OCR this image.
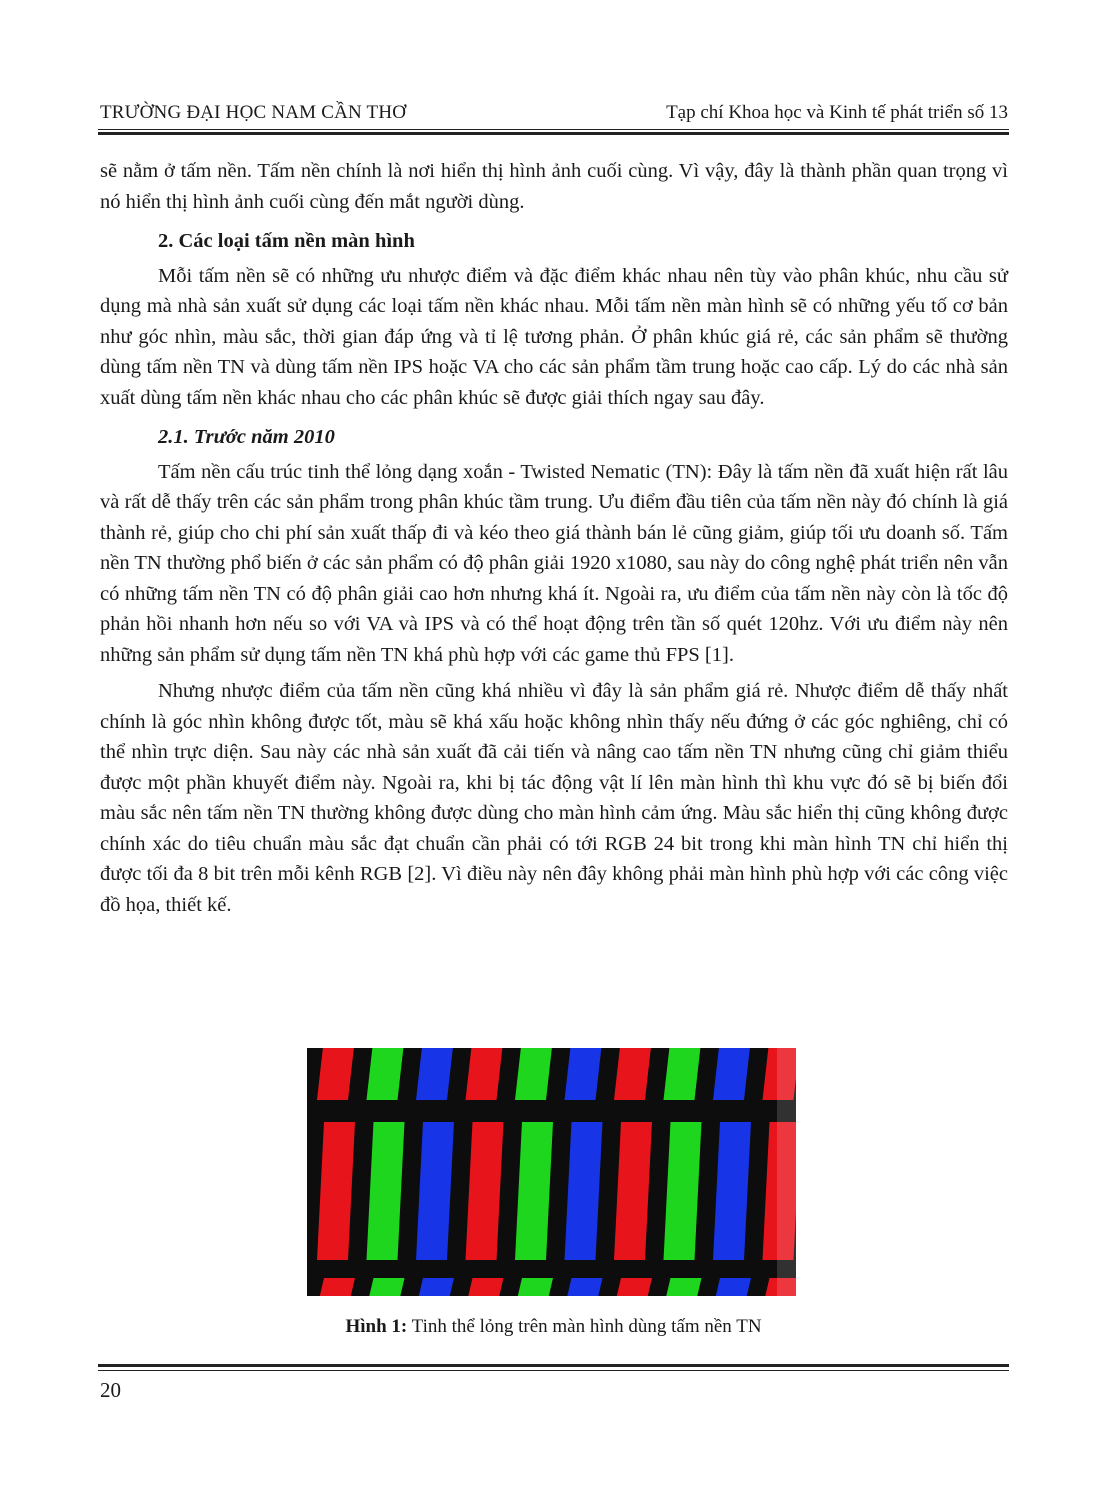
TRƯỜNG ĐẠI HỌC NAM CẦN THƠ	Tạp chí Khoa học và Kinh tế phát triển số 13

sẽ nằm ở tấm nền. Tấm nền chính là nơi hiển thị hình ảnh cuối cùng. Vì vậy, đây là thành phần quan trọng vì nó hiển thị hình ảnh cuối cùng đến mắt người dùng.

2. Các loại tấm nền màn hình

Mỗi tấm nền sẽ có những ưu nhược điểm và đặc điểm khác nhau nên tùy vào phân khúc, nhu cầu sử dụng mà nhà sản xuất sử dụng các loại tấm nền khác nhau. Mỗi tấm nền màn hình sẽ có những yếu tố cơ bản như góc nhìn, màu sắc, thời gian đáp ứng và tỉ lệ tương phản. Ở phân khúc giá rẻ, các sản phẩm sẽ thường dùng tấm nền TN và dùng tấm nền IPS hoặc VA cho các sản phẩm tầm trung hoặc cao cấp. Lý do các nhà sản xuất dùng tấm nền khác nhau cho các phân khúc sẽ được giải thích ngay sau đây.

2.1. Trước năm 2010

Tấm nền cấu trúc tinh thể lỏng dạng xoắn - Twisted Nematic (TN): Đây là tấm nền đã xuất hiện rất lâu và rất dễ thấy trên các sản phẩm trong phân khúc tầm trung. Ưu điểm đầu tiên của tấm nền này đó chính là giá thành rẻ, giúp cho chi phí sản xuất thấp đi và kéo theo giá thành bán lẻ cũng giảm, giúp tối ưu doanh số. Tấm nền TN thường phổ biến ở các sản phẩm có độ phân giải 1920 x1080, sau này do công nghệ phát triển nên vẫn có những tấm nền TN có độ phân giải cao hơn nhưng khá ít. Ngoài ra, ưu điểm của tấm nền này còn là tốc độ phản hồi nhanh hơn nếu so với VA và IPS và có thể hoạt động trên tần số quét 120hz. Với ưu điểm này nên những sản phẩm sử dụng tấm nền TN khá phù hợp với các game thủ FPS [1].

Nhưng nhược điểm của tấm nền cũng khá nhiều vì đây là sản phẩm giá rẻ. Nhược điểm dễ thấy nhất chính là góc nhìn không được tốt, màu sẽ khá xấu hoặc không nhìn thấy nếu đứng ở các góc nghiêng, chỉ có thể nhìn trực diện. Sau này các nhà sản xuất đã cải tiến và nâng cao tấm nền TN nhưng cũng chỉ giảm thiểu được một phần khuyết điểm này. Ngoài ra, khi bị tác động vật lí lên màn hình thì khu vực đó sẽ bị biến đổi màu sắc nên tấm nền TN thường không được dùng cho màn hình cảm ứng. Màu sắc hiển thị cũng không được chính xác do tiêu chuẩn màu sắc đạt chuẩn cần phải có tới RGB 24 bit trong khi màn hình TN chỉ hiển thị được tối đa 8 bit trên mỗi kênh RGB [2]. Vì điều này nên đây không phải màn hình phù hợp với các công việc đồ họa, thiết kế.

Hình 1: Tinh thể lỏng trên màn hình dùng tấm nền TN
20
